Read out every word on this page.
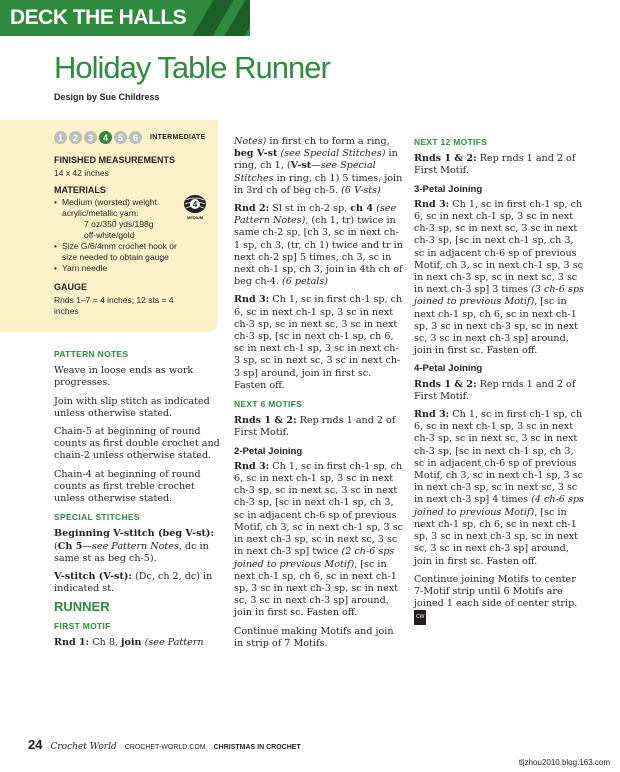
DECK THE HALLS
Holiday Table Runner
Design by Sue Childress
1	2	3	4	5	6	INTERMEDIATE
FINISHED MEASUREMENTS
14 x 42 inches
MATERIALS
• Medium (worsted) weight acrylic/metallic yarn:
7 oz/350 yds/198g
off-white/gold
• Size G/6/4mm crochet hook or size needed to obtain gauge
• Yarn needle
4
MEDIUM
GAUGE
Rnds 1–7 = 4 inches; 12 sts = 4 inches
PATTERN NOTES

Weave in loose ends as work progresses.

Join with slip stitch as indicated unless otherwise stated.

Chain-5 at beginning of round counts as first double crochet and chain-2 unless otherwise stated.

Chain-4 at beginning of round counts as first treble crochet unless otherwise stated.

SPECIAL STITCHES

Beginning V-stitch (beg V-st): (Ch 5—see Pattern Notes, dc in same st as beg ch-5).

V-stitch (V-st): (Dc, ch 2, dc) in indicated st.

RUNNER
FIRST MOTIF

Rnd 1: Ch 8, join (see Pattern

Notes) in first ch to form a ring, beg V-st (see Special Stitches) in ring, ch 1, (V-st—see Special Stitches in ring, ch 1) 5 times, join in 3rd ch of beg ch-5. (6 V-sts)

Rnd 2: Sl st in ch-2 sp, ch 4 (see Pattern Notes), (ch 1, tr) twice in same ch-2 sp, [ch 3, sc in next ch-1 sp, ch 3, (tr, ch 1) twice and tr in next ch-2 sp] 5 times, ch 3, sc in next ch-1 sp, ch 3, join in 4th ch of beg ch-4. (6 petals)

Rnd 3: Ch 1, sc in first ch-1 sp, ch 6, sc in next ch-1 sp, 3 sc in next ch-3 sp, sc in next sc, 3 sc in next ch-3 sp, [sc in next ch-1 sp, ch 6, sc in next ch-1 sp, 3 sc in next ch-3 sp, sc in next sc, 3 sc in next ch-3 sp] around, join in first sc. Fasten off.

NEXT 6 MOTIFS

Rnds 1 & 2: Rep rnds 1 and 2 of First Motif.

2-Petal Joining

Rnd 3: Ch 1, sc in first ch-1 sp, ch 6, sc in next ch-1 sp, 3 sc in next ch-3 sp, sc in next sc, 3 sc in next ch-3 sp, [sc in next ch-1 sp, ch 3, sc in adjacent ch-6 sp of previous Motif, ch 3, sc in next ch-1 sp, 3 sc in next ch-3 sp, sc in next sc, 3 sc in next ch-3 sp] twice (2 ch-6 sps joined to previous Motif), [sc in next ch-1 sp, ch 6, sc in next ch-1 sp, 3 sc in next ch-3 sp, sc in next sc, 3 sc in next ch-3 sp] around, join in first sc. Fasten off.

Continue making Motifs and join in strip of 7 Motifs.

NEXT 12 MOTIFS

Rnds 1 & 2: Rep rnds 1 and 2 of First Motif.

3-Petal Joining

Rnd 3: Ch 1, sc in first ch-1 sp, ch 6, sc in next ch-1 sp, 3 sc in next ch-3 sp, sc in next sc, 3 sc in next ch-3 sp, [sc in next ch-1 sp, ch 3, sc in adjacent ch-6 sp of previous Motif, ch 3, sc in next ch-1 sp, 3 sc in next ch-3 sp, sc in next sc, 3 sc in next ch-3 sp] 3 times (3 ch-6 sps joined to previous Motif), [sc in next ch-1 sp, ch 6, sc in next ch-1 sp, 3 sc in next ch-3 sp, sc in next sc, 3 sc in next ch-3 sp] around, join in first sc. Fasten off.

4-Petal Joining

Rnds 1 & 2: Rep rnds 1 and 2 of First Motif.

Rnd 3: Ch 1, sc in first ch-1 sp, ch 6, sc in next ch-1 sp, 3 sc in next ch-3 sp, sc in next sc, 3 sc in next ch-3 sp, [sc in next ch-1 sp, ch 3, sc in adjacent ch-6 sp of previous Motif, ch 3, sc in next ch-1 sp, 3 sc in next ch-3 sp, sc in next sc, 3 sc in next ch-3 sp] 4 times (4 ch-6 sps joined to previous Motif), [sc in next ch-1 sp, ch 6, sc in next ch-1 sp, 3 sc in next ch-3 sp, sc in next sc, 3 sc in next ch-3 sp] around, join in first sc. Fasten off.

Continue joining Motifs to center 7-Motif strip until 6 Motifs are joined 1 each side of center strip. CW

24 Crochet World CROCHET-WORLD.COM CHRISTMAS IN CROCHET
tljzhou2010.blog.163.com
